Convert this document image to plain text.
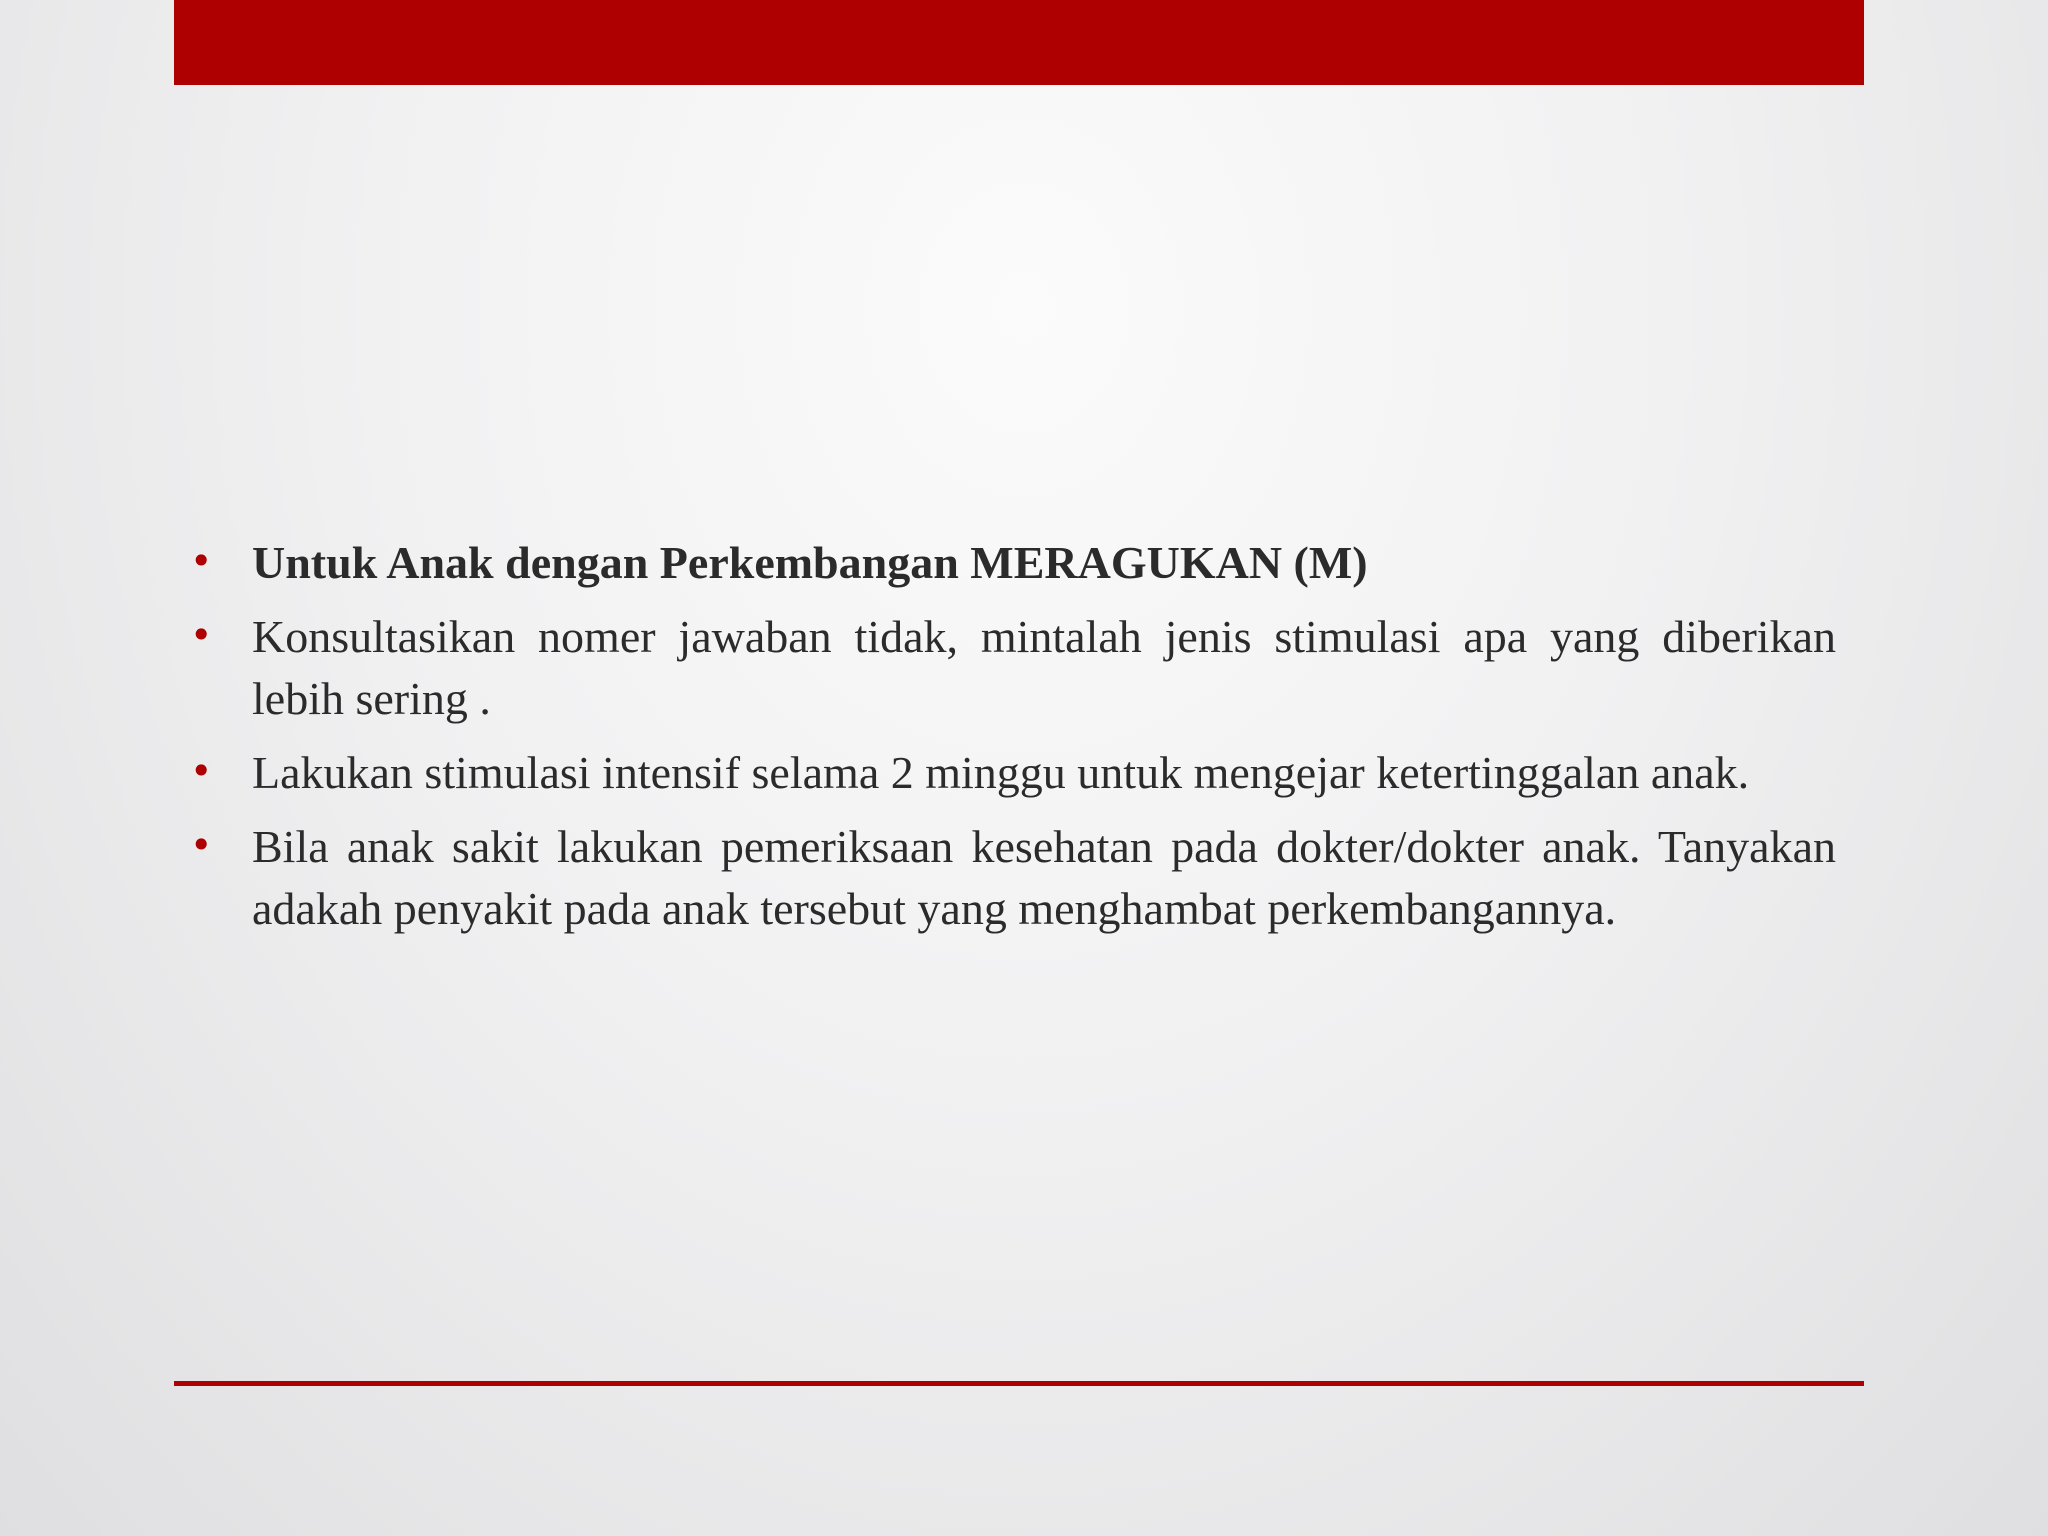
• Untuk Anak dengan Perkembangan MERAGUKAN (M)
• Konsultasikan nomer jawaban tidak, mintalah jenis stimulasi apa yang diberikan lebih sering .
• Lakukan stimulasi intensif selama 2 minggu untuk mengejar ketertinggalan anak.
• Bila anak sakit lakukan pemeriksaan kesehatan pada dokter/dokter anak. Tanyakan adakah penyakit pada anak tersebut yang menghambat perkembangannya.
